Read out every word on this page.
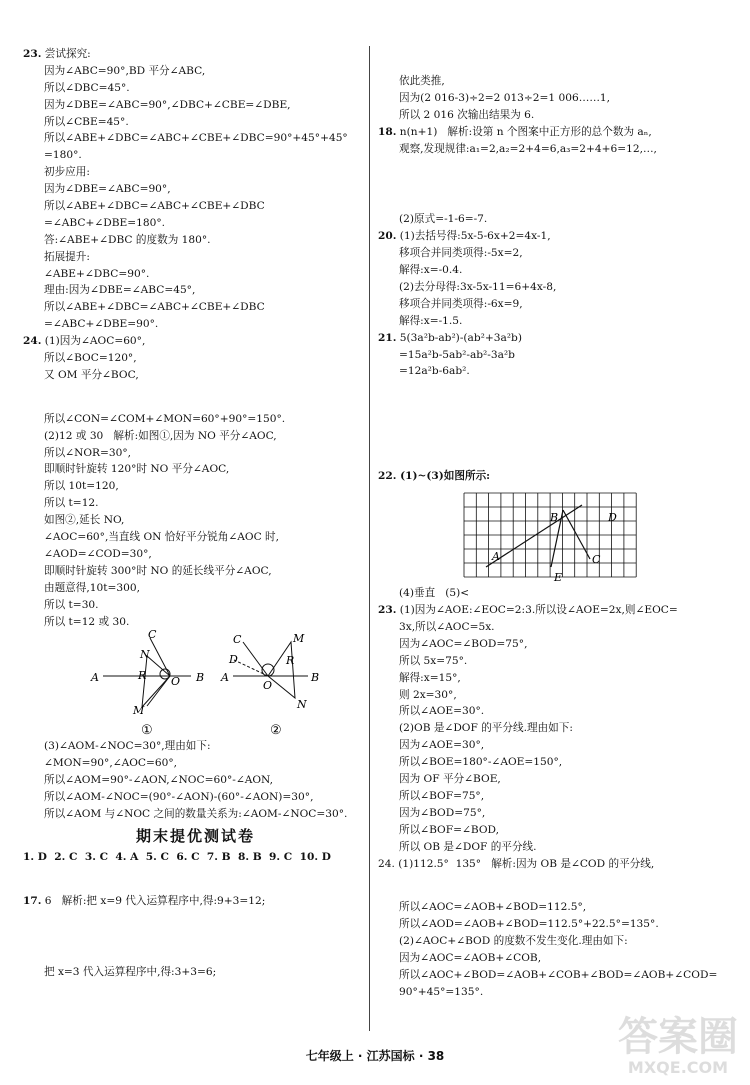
23. 尝试探究:
因为∠ABC=90°,BD 平分∠ABC,
所以∠DBC=45°.
因为∠DBE=∠ABC=90°,∠DBC+∠CBE=∠DBE,
所以∠CBE=45°.
所以∠ABE+∠DBC=∠ABC+∠CBE+∠DBC=90°+45°+45°
=180°.
初步应用:
因为∠DBE=∠ABC=90°,
所以∠ABE+∠DBC=∠ABC+∠CBE+∠DBC
=∠ABC+∠DBE=180°.
答:∠ABE+∠DBC 的度数为 180°.
拓展提升:
∠ABE+∠DBC=90°.
理由:因为∠DBE=∠ABC=45°,
所以∠ABE+∠DBC=∠ABC+∠CBE+∠DBC
=∠ABC+∠DBE=90°.
24. (1)因为∠AOC=60°,
所以∠BOC=120°,
又 OM 平分∠BOC,

所以∠CON=∠COM+∠MON=60°+90°=150°.
(2)12 或 30   解析:如图①,因为 NO 平分∠AOC,
所以∠NOR=30°,
即顺时针旋转 120°时 NO 平分∠AOC,
所以 10t=120,
所以 t=12.
如图②,延长 NO,
∠AOC=60°,当直线 ON 恰好平分锐角∠AOC 时,
∠AOD=∠COD=30°,
即顺时针旋转 300°时 NO 的延长线平分∠AOC,
由题意得,10t=300,
所以 t=30.
所以 t=12 或 30.
A	B
C
N
R O
M
①
A	B
C
D
M
R
O
N
②
(3)∠AOM-∠NOC=30°,理由如下:
∠MON=90°,∠AOC=60°,
所以∠AOM=90°-∠AON,∠NOC=60°-∠AON,
所以∠AOM-∠NOC=(90°-∠AON)-(60°-∠AON)=30°,
所以∠AOM 与∠NOC 之间的数量关系为:∠AOM-∠NOC=30°.
期末提优测试卷
1. D  2. C  3. C  4. A  5. C  6. C  7. B  8. B  9. C  10. D

17. 6   解析:把 x=9 代入运算程序中,得:9+3=12;

把 x=3 代入运算程序中,得:3+3=6;

依此类推,
因为(2 016-3)÷2=2 013÷2=1 006……1,
所以 2 016 次输出结果为 6.
18. n(n+1)   解析:设第 n 个图案中正方形的总个数为 aₙ,
观察,发现规律:a₁=2,a₂=2+4=6,a₃=2+4+6=12,…,

(2)原式=-1-6=-7.
20. (1)去括号得:5x-5-6x+2=4x-1,
移项合并同类项得:-5x=2,
解得:x=-0.4.
(2)去分母得:3x-5x-11=6+4x-8,
移项合并同类项得:-6x=9,
解得:x=-1.5.
21. 5(3a²b-ab²)-(ab²+3a²b)
=15a²b-5ab²-ab²-3a²b
=12a²b-6ab².

22. (1)~(3)如图所示:
A
B
C
D
E
(4)垂直   (5)<
23. (1)因为∠AOE:∠EOC=2:3.所以设∠AOE=2x,则∠EOC=
3x,所以∠AOC=5x.
因为∠AOC=∠BOD=75°,
所以 5x=75°.
解得:x=15°,
则 2x=30°,
所以∠AOE=30°.
(2)OB 是∠DOF 的平分线.理由如下:
因为∠AOE=30°,
所以∠BOE=180°-∠AOE=150°,
因为 OF 平分∠BOE,
所以∠BOF=75°,
因为∠BOD=75°,
所以∠BOF=∠BOD,
所以 OB 是∠DOF 的平分线.
24. (1)112.5°  135°   解析:因为 OB 是∠COD 的平分线,

所以∠AOC=∠AOB+∠BOD=112.5°,
所以∠AOD=∠AOB+∠BOD=112.5°+22.5°=135°.
(2)∠AOC+∠BOD 的度数不发生变化.理由如下:
因为∠AOC=∠AOB+∠COB,
所以∠AOC+∠BOD=∠AOB+∠COB+∠BOD=∠AOB+∠COD=
90°+45°=135°.
七年级上 · 江苏国标 · 38	答案圈
MXQE.COM
